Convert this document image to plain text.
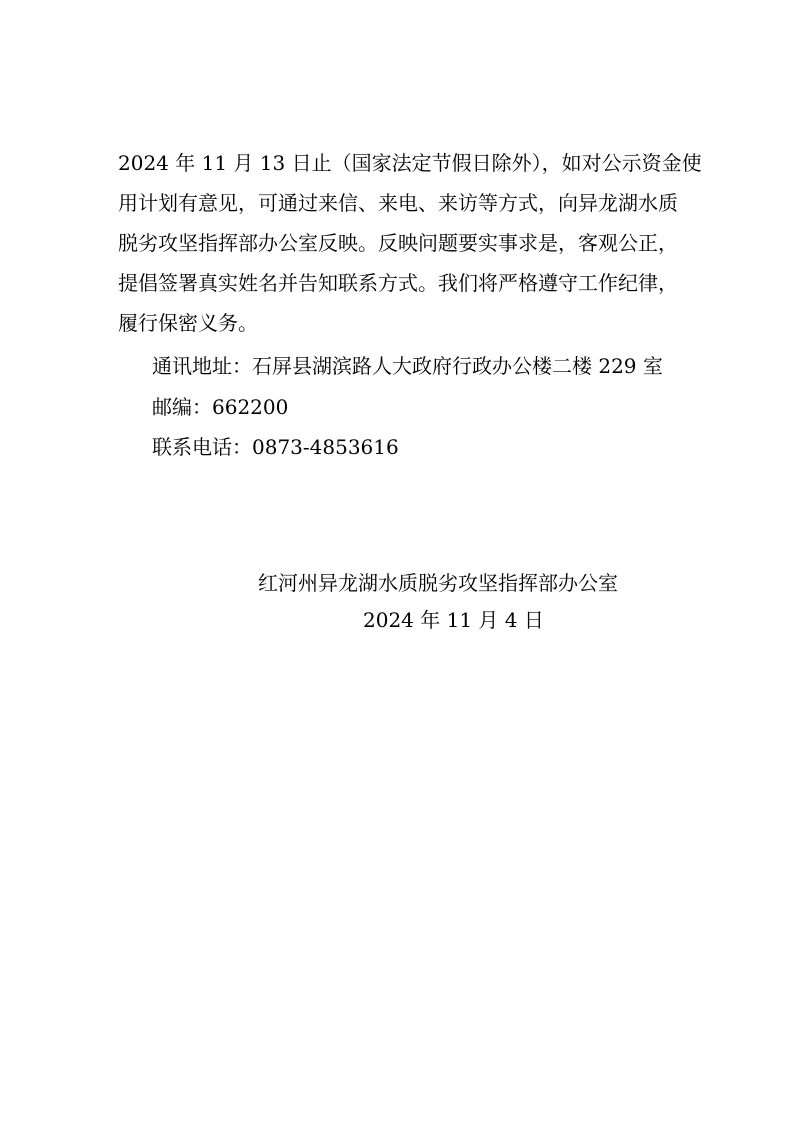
2024 年 11 月 13 日止（国家法定节假日除外），如对公示资金使
用计划有意见，可通过来信、来电、来访等方式，向异龙湖水质
脱劣攻坚指挥部办公室反映。反映问题要实事求是，客观公正，
提倡签署真实姓名并告知联系方式。我们将严格遵守工作纪律，
履行保密义务。
通讯地址：石屏县湖滨路人大政府行政办公楼二楼 229 室
邮编：662200
联系电话：0873-4853616
红河州异龙湖水质脱劣攻坚指挥部办公室
2024 年 11 月 4 日
